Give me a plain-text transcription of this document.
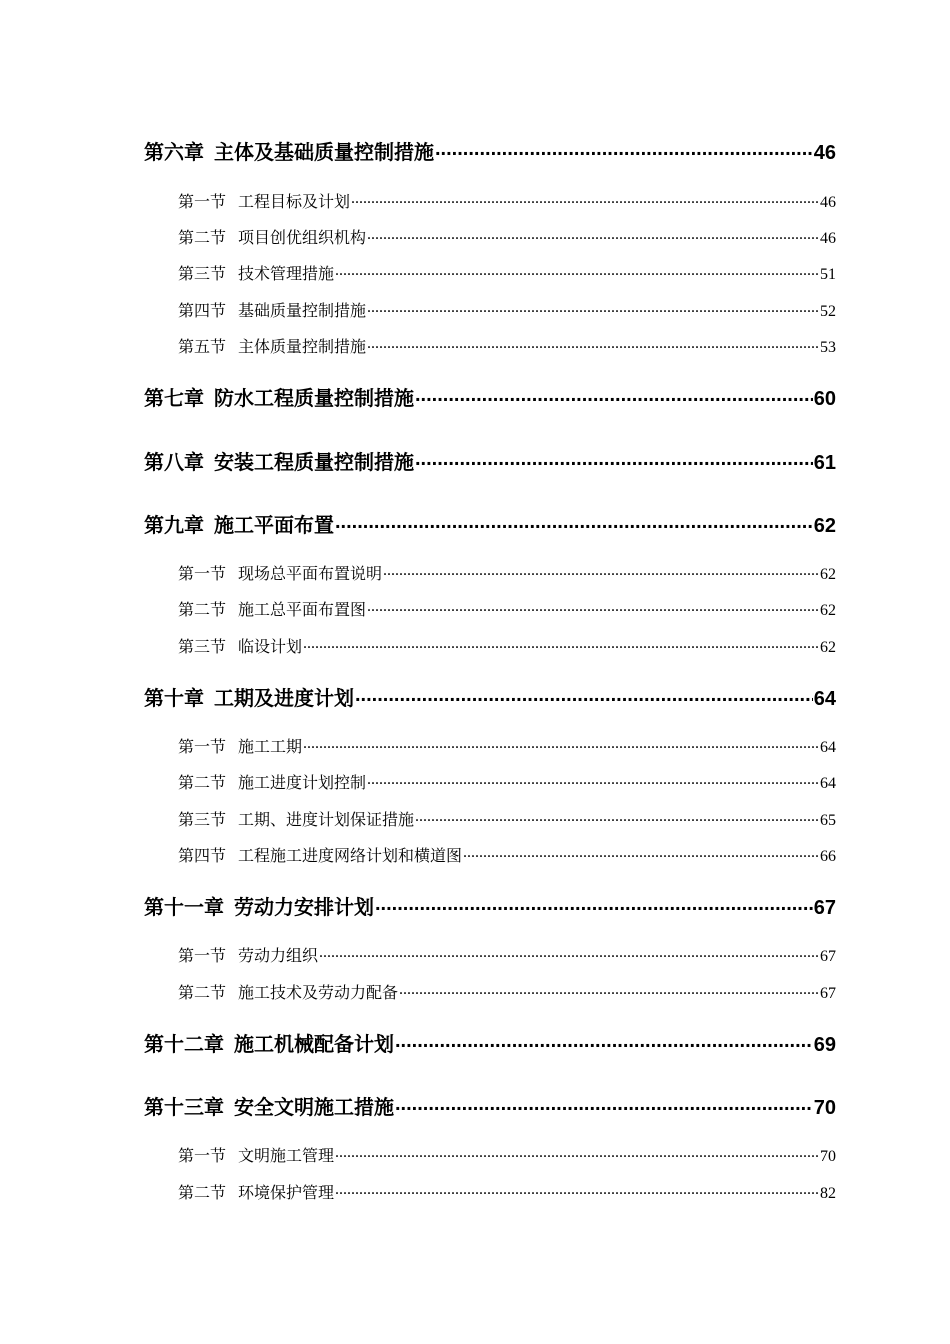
第六章 主体及基础质量控制措施 .....	46
第一节 工程目标及计划 .....	46
第二节 项目创优组织机构 .....	46
第三节 技术管理措施 .....	51
第四节 基础质量控制措施 .....	52
第五节 主体质量控制措施 .....	53
第七章 防水工程质量控制措施 .....	60
第八章 安装工程质量控制措施 .....	61
第九章 施工平面布置 .....	62
第一节 现场总平面布置说明 .....	62
第二节 施工总平面布置图 .....	62
第三节 临设计划 .....	62
第十章 工期及进度计划 .....	64
第一节 施工工期 .....	64
第二节 施工进度计划控制 .....	64
第三节 工期、进度计划保证措施 .....	65
第四节 工程施工进度网络计划和横道图 .....	66
第十一章 劳动力安排计划 .....	67
第一节 劳动力组织 .....	67
第二节 施工技术及劳动力配备 .....	67
第十二章 施工机械配备计划 .....	69
第十三章 安全文明施工措施 .....	70
第一节 文明施工管理 .....	70
第二节 环境保护管理 .....	82
